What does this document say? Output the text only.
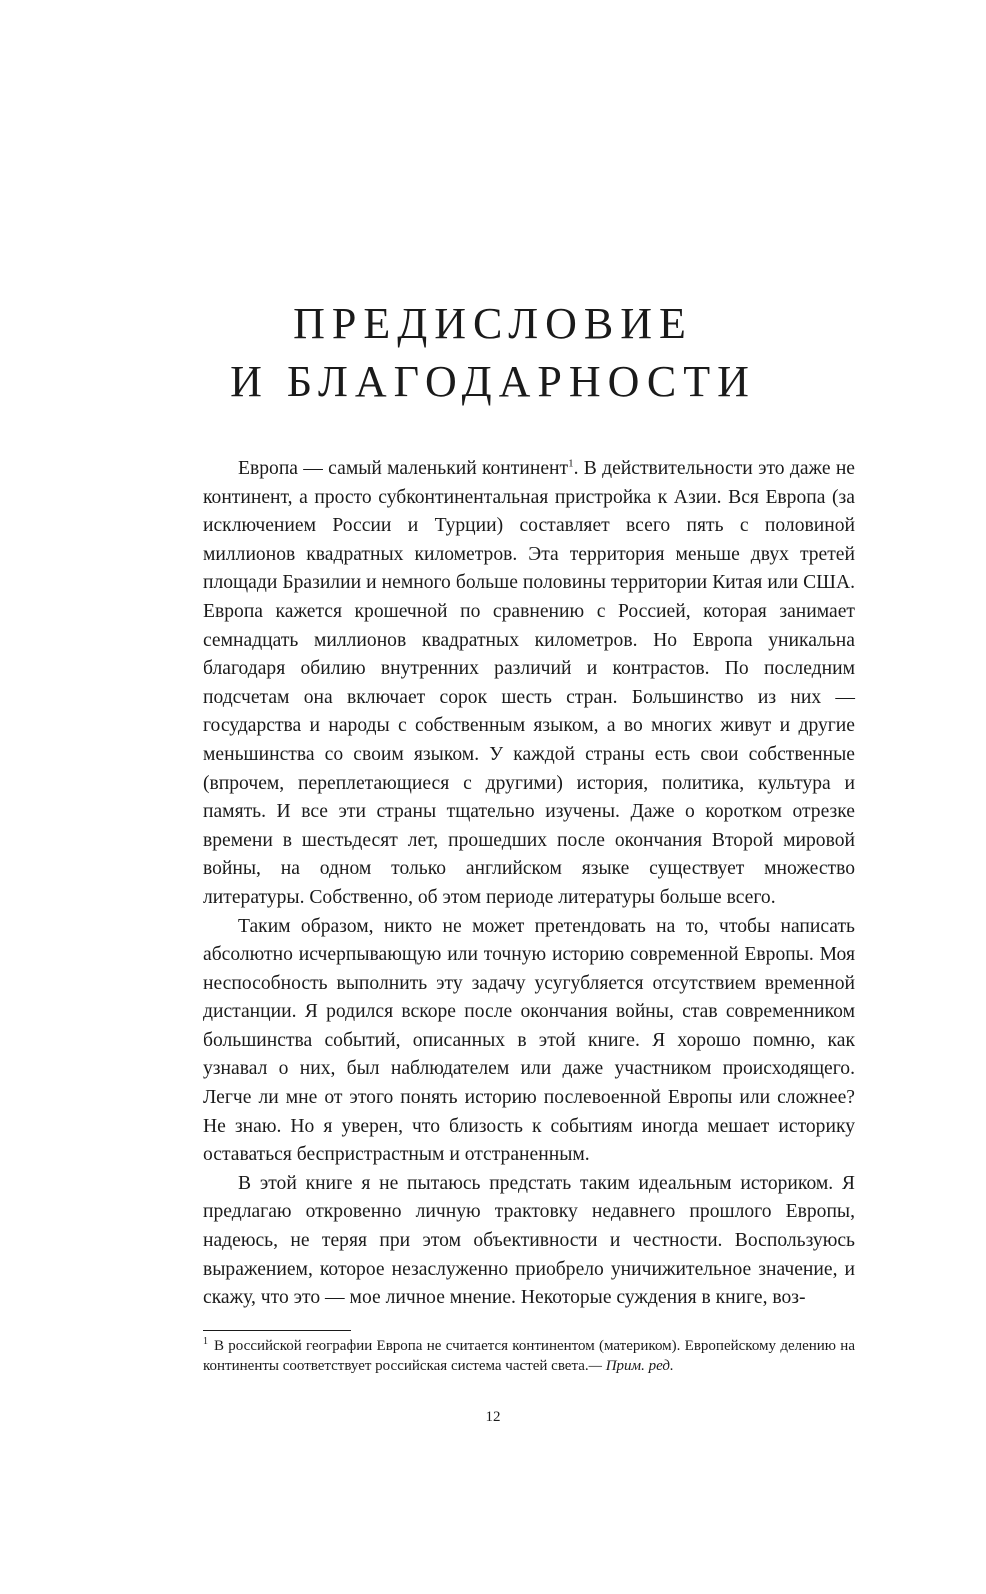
ПРЕДИСЛОВИЕ
И БЛАГОДАРНОСТИ

Европа — самый маленький континент$^1$. В действительности это даже не континент, а просто субконтинентальная пристройка к Азии. Вся Европа (за исключением России и Турции) составляет всего пять с половиной миллионов квадратных километров. Эта территория меньше двух третей площади Бразилии и немного больше половины территории Китая или США. Европа кажется крошечной по сравнению с Россией, которая занимает семнадцать миллионов квадратных километров. Но Европа уникальна благодаря обилию внутренних различий и контрастов. По последним подсчетам она включает сорок шесть стран. Большинство из них — государства и народы с собственным языком, а во многих живут и другие меньшинства со своим языком. У каждой страны есть свои собственные (впрочем, переплетающиеся с другими) история, политика, культура и память. И все эти страны тщательно изучены. Даже о коротком отрезке времени в шестьдесят лет, прошедших после окончания Второй мировой войны, на одном только английском языке существует множество литературы. Собственно, об этом периоде литературы больше всего.

Таким образом, никто не может претендовать на то, чтобы написать абсолютно исчерпывающую или точную историю современной Европы. Моя неспособность выполнить эту задачу усугубляется отсутствием временной дистанции. Я родился вскоре после окончания войны, став современником большинства событий, описанных в этой книге. Я хорошо помню, как узнавал о них, был наблюдателем или даже участником происходящего. Легче ли мне от этого понять историю послевоенной Европы или сложнее? Не знаю. Но я уверен, что близость к событиям иногда мешает историку оставаться беспристрастным и отстраненным.

В этой книге я не пытаюсь предстать таким идеальным историком. Я предлагаю откровенно личную трактовку недавнего прошлого Европы, надеюсь, не теряя при этом объективности и честности. Воспользуюсь выражением, которое незаслуженно приобрело уничижительное значение, и скажу, что это — мое личное мнение. Некоторые суждения в книге, воз-

$^1$ В российской географии Европа не считается континентом (материком). Европейскому делению на континенты соответствует российская система частей света.— Прим. ред.

12
